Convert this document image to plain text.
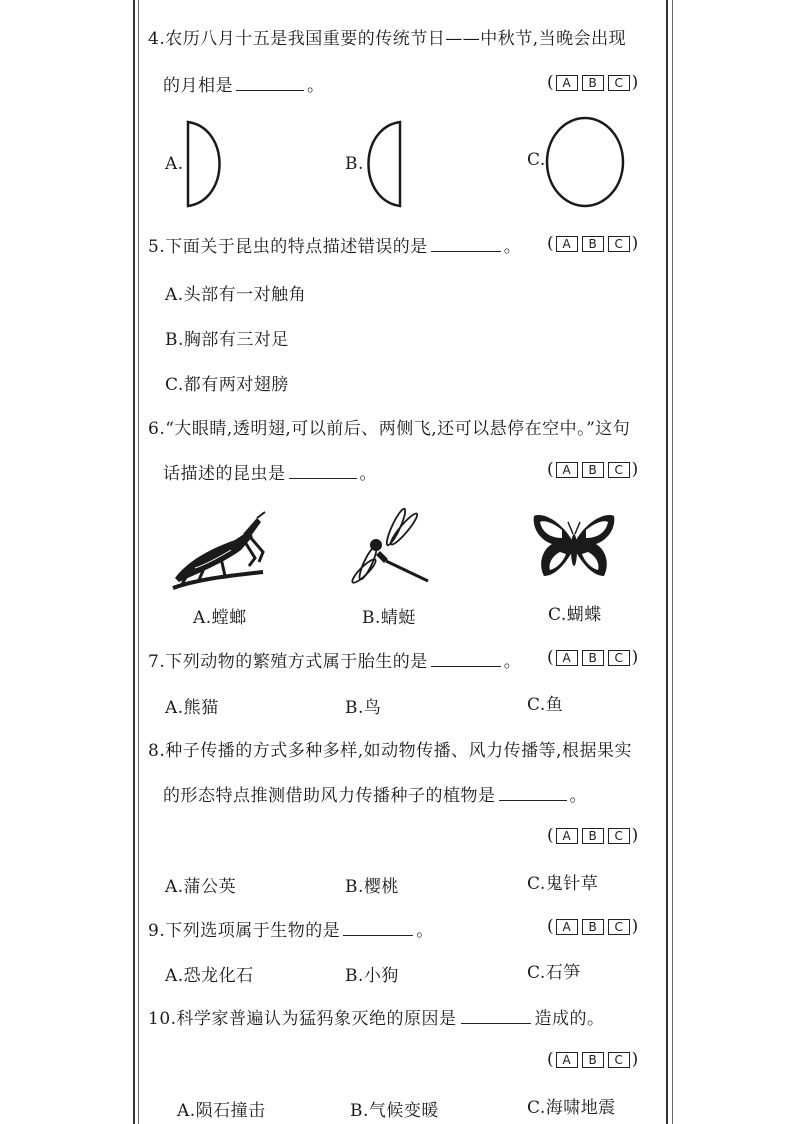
4.农历八月十五是我国重要的传统节日——中秋节,当晚会出现
的月相是	。	( A B C )
A.	B.	C.
5.下面关于昆虫的特点描述错误的是	。 ( A B C )
A.头部有一对触角
B.胸部有三对足
C.都有两对翅膀
6.“大眼睛,透明翅,可以前后、两侧飞,还可以悬停在空中。”这句
话描述的昆虫是	。	( A B C )
A.螳螂	B.蜻蜓	C.蝴蝶
7.下列动物的繁殖方式属于胎生的是	。 ( A B C )
A.熊猫	B.鸟	C.鱼
8.种子传播的方式多种多样,如动物传播、风力传播等,根据果实
的形态特点推测借助风力传播种子的植物是	。
( A B C )
A.蒲公英	B.樱桃	C.鬼针草
9.下列选项属于生物的是	。	( A B C )
A.恐龙化石	B.小狗	C.石笋
10.科学家普遍认为猛犸象灭绝的原因是	造成的。
( A B C )
A.陨石撞击	B.气候变暖	C.海啸地震
